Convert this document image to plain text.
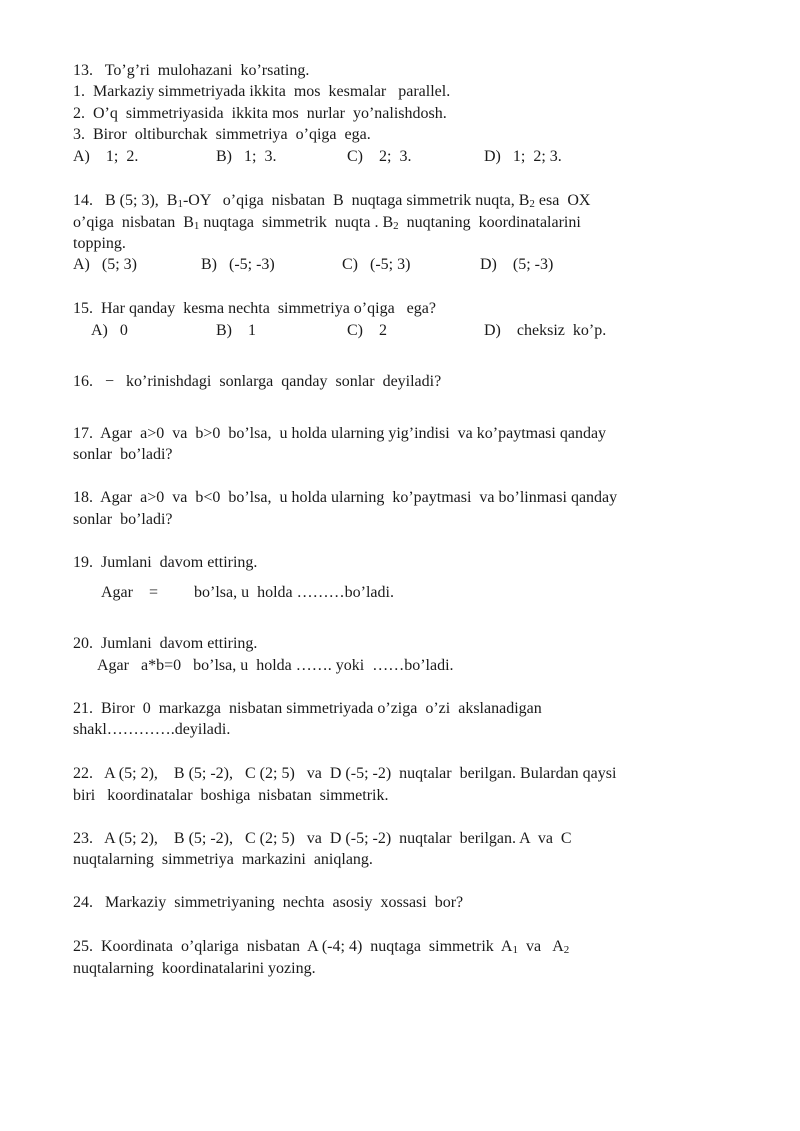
13.   To’g’ri  mulohazani  ko’rsating.
1.  Markaziy simmetriyada ikkita  mos  kesmalar   parallel.
2.  O’q  simmetriyasida  ikkita mos  nurlar  yo’nalishdosh.
3.  Biror  oltiburchak  simmetriya  o’qiga  ega.

A)    1;  2.

	B)   1;  3.

	C)    2;  3.

	D)   1;  2; 3.

14.   B (5; 3),  $B_1-OY$   o’qiga  nisbatan  B  nuqtaga simmetrik nuqta, $B_2$ esa  OX
o’qiga  nisbatan  $B_1$ nuqtaga  simmetrik  nuqta . $B_2$  nuqtaning  koordinatalarini
topping.

A)   (5; 3)

	B)   (-5; -3)

	C)   (-5; 3)

	D)    (5; -3)

15.  Har qanday  kesma nechta  simmetriya o’qiga   ega?

A)   0

	B)    1

	C)    2

	D)    cheksiz  ko’p.

16.   −   ko’rinishdagi  sonlarga  qanday  sonlar  deyiladi?
17.  Agar  a>0  va  b>0  bo’lsa,  u holda ularning yig’indisi  va ko’paytmasi qanday
sonlar  bo’ladi?
18.  Agar  a>0  va  b<0  bo’lsa,  u holda ularning  ko’paytmasi  va bo’linmasi qanday
sonlar  bo’ladi?
19.  Jumlani  davom ettiring.
Agar    =         bo’lsa, u  holda ………bo’ladi.
20.  Jumlani  davom ettiring.
Agar   a*b=0   bo’lsa, u  holda ……. yoki  ……bo’ladi.
21.  Biror  0  markazga  nisbatan simmetriyada o’ziga  o’zi  akslanadigan
shakl………….deyiladi.
22.   A (5; 2),    B (5; -2),   C (2; 5)   va  D (-5; -2)  nuqtalar  berilgan. Bulardan qaysi
biri   koordinatalar  boshiga  nisbatan  simmetrik.
23.   A (5; 2),    B (5; -2),   C (2; 5)   va  D (-5; -2)  nuqtalar  berilgan. A  va  C
nuqtalarning  simmetriya  markazini  aniqlang.
24.   Markaziy  simmetriyaning  nechta  asosiy  xossasi  bor?
25.  Koordinata  o’qlariga  nisbatan  A (-4; 4)  nuqtaga  simmetrik  $A_1$  va   $A_2$
nuqtalarning  koordinatalarini yozing.
